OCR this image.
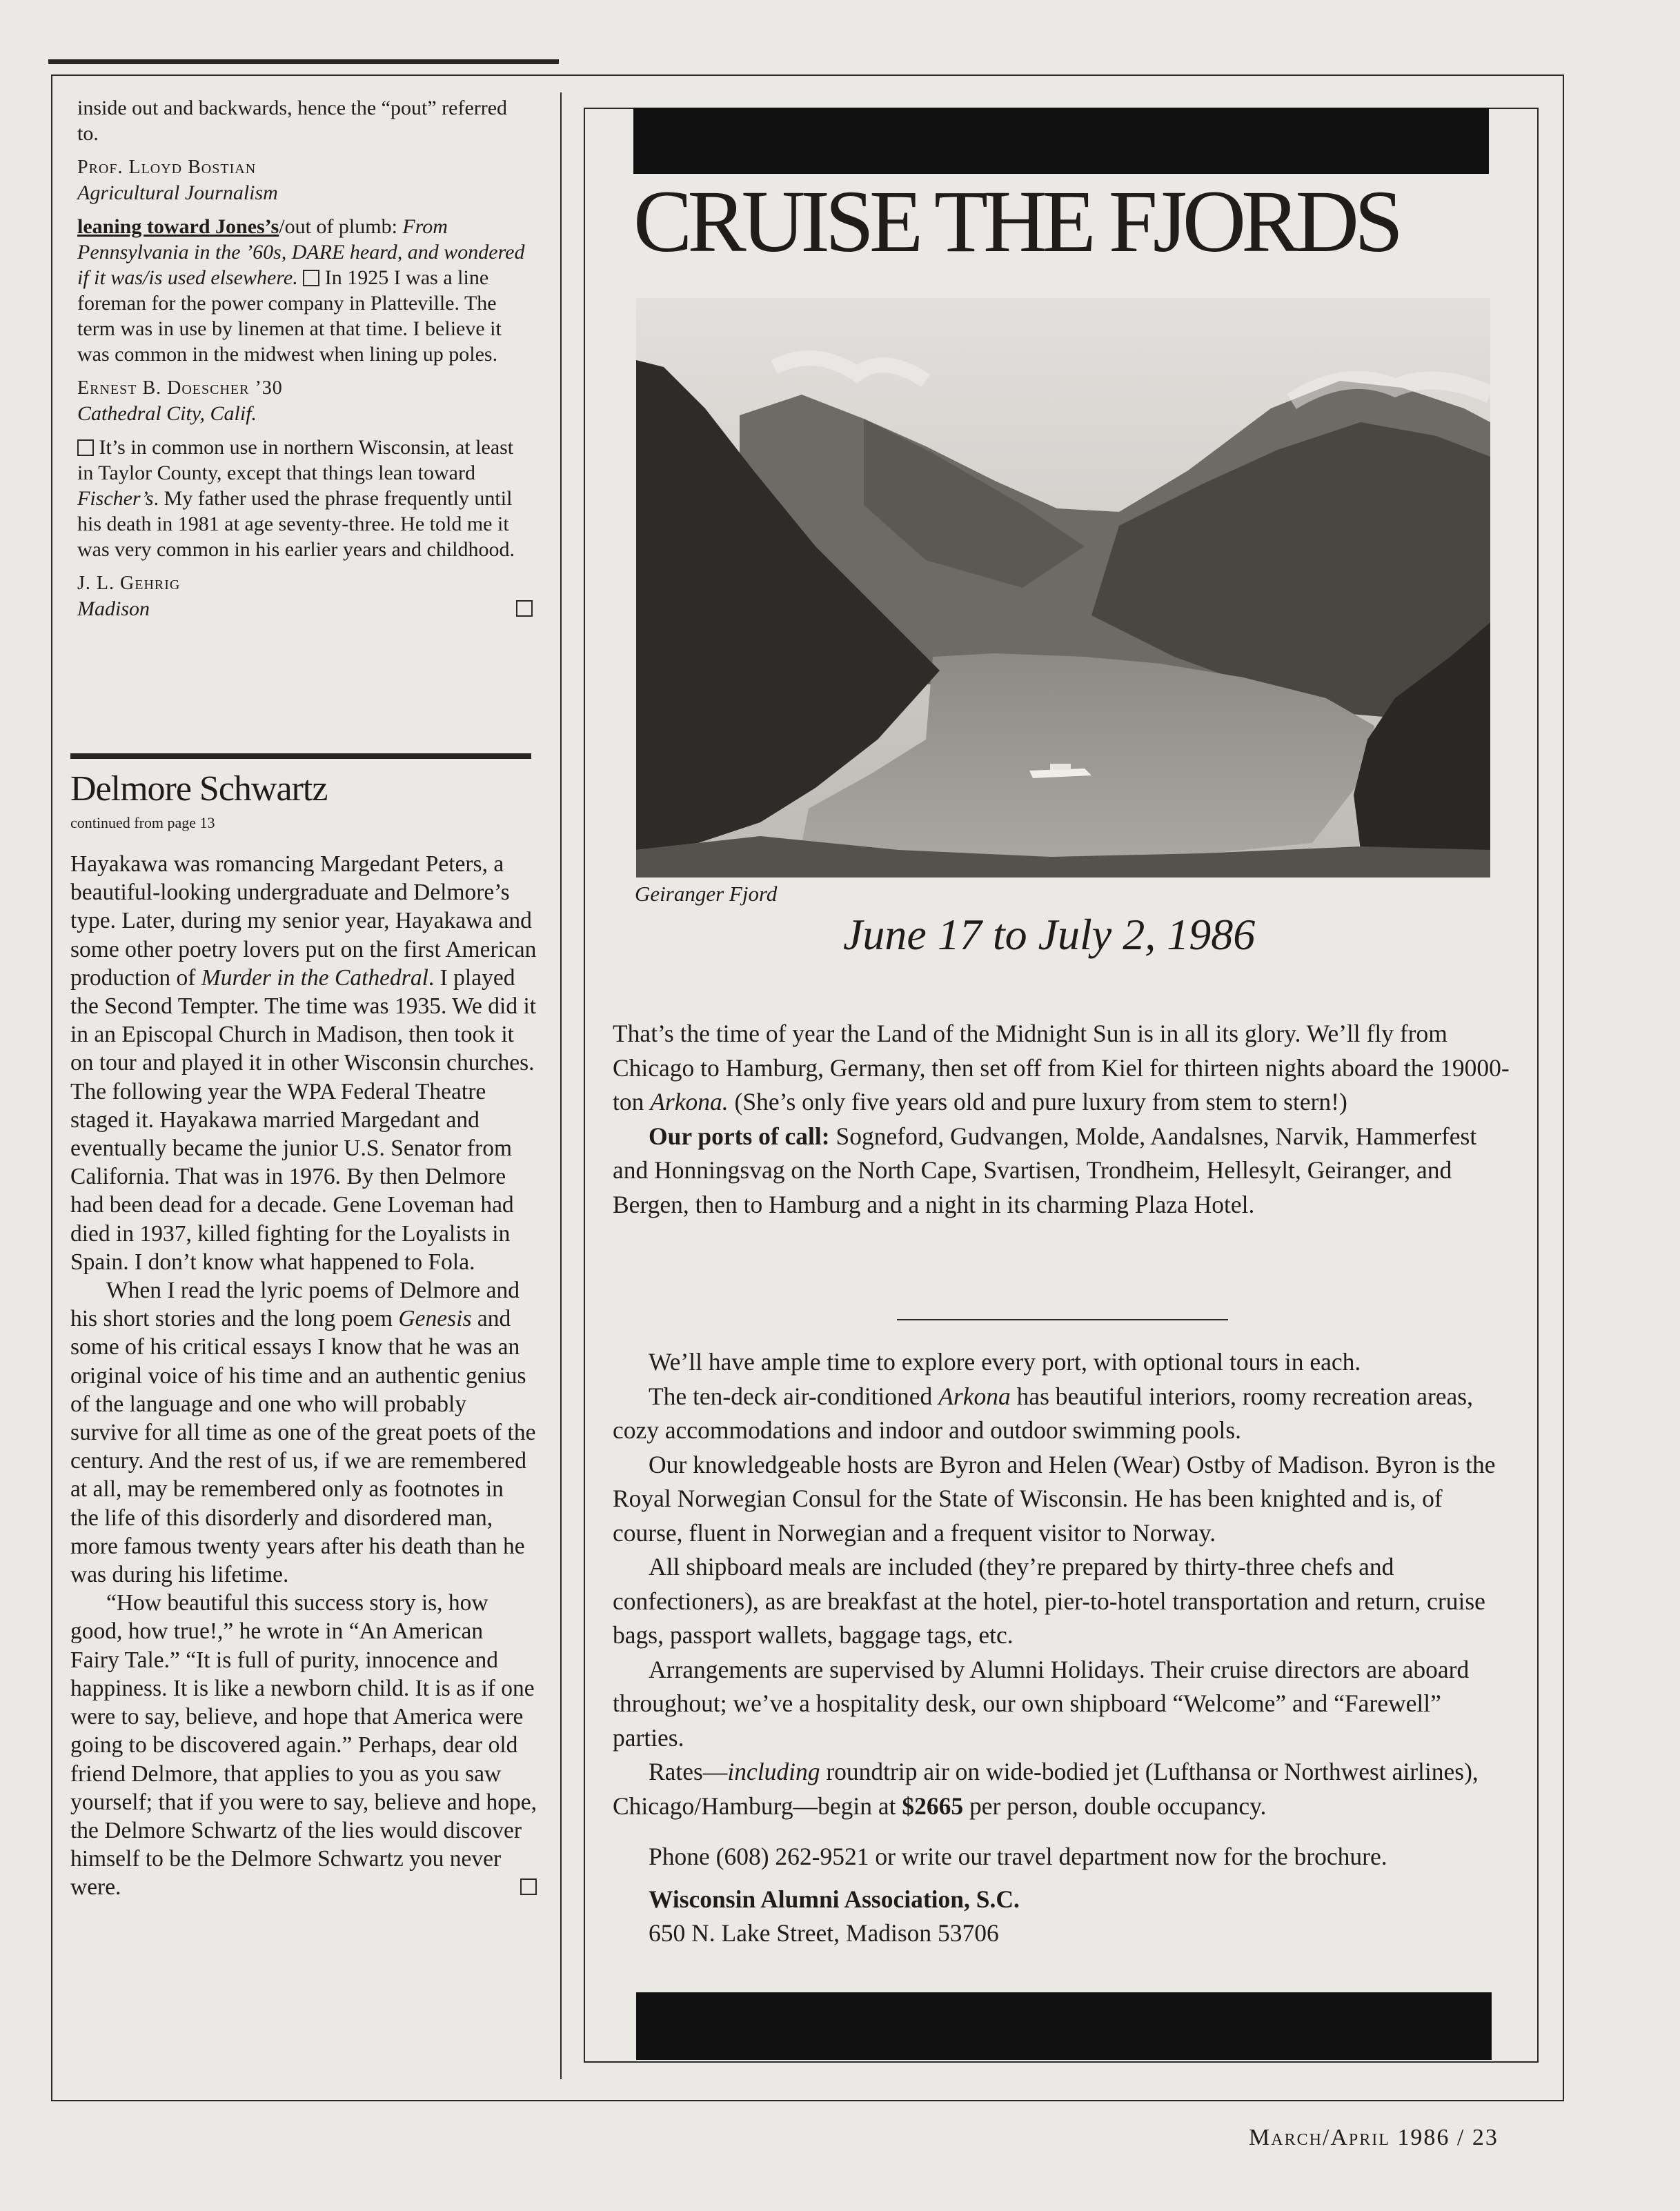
inside out and backwards, hence the “pout” referred to.

Prof. Lloyd Bostian

Agricultural Journalism

leaning toward Jones’s/out of plumb: From Pennsylvania in the ’60s, DARE heard, and wondered if it was/is used elsewhere. In 1925 I was a line foreman for the power company in Platteville. The term was in use by linemen at that time. I believe it was common in the midwest when lining up poles.

Ernest B. Doescher ’30

Cathedral City, Calif.

It’s in common use in northern Wisconsin, at least in Taylor County, except that things lean toward Fischer’s. My father used the phrase frequently until his death in 1981 at age seventy-three. He told me it was very common in his earlier years and childhood.

J. L. Gehrig

Madison

Delmore Schwartz
continued from page 13

Hayakawa was romancing Margedant Peters, a beautiful-looking undergraduate and Delmore’s type. Later, during my senior year, Hayakawa and some other poetry lovers put on the first American production of Murder in the Cathedral. I played the Second Tempter. The time was 1935. We did it in an Episcopal Church in Madison, then took it on tour and played it in other Wisconsin churches. The following year the WPA Federal Theatre staged it. Hayakawa married Margedant and eventually became the junior U.S. Senator from California. That was in 1976. By then Delmore had been dead for a decade. Gene Loveman had died in 1937, killed fighting for the Loyalists in Spain. I don’t know what happened to Fola.

When I read the lyric poems of Delmore and his short stories and the long poem Genesis and some of his critical essays I know that he was an original voice of his time and an authentic genius of the language and one who will probably survive for all time as one of the great poets of the century. And the rest of us, if we are remembered at all, may be remembered only as footnotes in the life of this disorderly and disordered man, more famous twenty years after his death than he was during his lifetime.

“How beautiful this success story is, how good, how true!,” he wrote in “An American Fairy Tale.” “It is full of purity, innocence and happiness. It is like a newborn child. It is as if one were to say, believe, and hope that America were going to be discovered again.” Perhaps, dear old friend Delmore, that applies to you as you saw yourself; that if you were to say, believe and hope, the Delmore Schwartz of the lies would discover himself to be the Delmore Schwartz you never were.

CRUISE THE FJORDS
Geiranger Fjord
June 17 to July 2, 1986

That’s the time of year the Land of the Midnight Sun is in all its glory. We’ll fly from Chicago to Hamburg, Germany, then set off from Kiel for thirteen nights aboard the 19000-ton Arkona. (She’s only five years old and pure luxury from stem to stern!)

Our ports of call: Sogneford, Gudvangen, Molde, Aandalsnes, Narvik, Hammerfest and Honningsvag on the North Cape, Svartisen, Trondheim, Hellesylt, Geiranger, and Bergen, then to Hamburg and a night in its charming Plaza Hotel.

We’ll have ample time to explore every port, with optional tours in each.

The ten-deck air-conditioned Arkona has beautiful interiors, roomy recreation areas, cozy accommodations and indoor and outdoor swimming pools.

Our knowledgeable hosts are Byron and Helen (Wear) Ostby of Madison. Byron is the Royal Norwegian Consul for the State of Wisconsin. He has been knighted and is, of course, fluent in Norwegian and a frequent visitor to Norway.

All shipboard meals are included (they’re prepared by thirty-three chefs and confectioners), as are breakfast at the hotel, pier-to-hotel transportation and return, cruise bags, passport wallets, baggage tags, etc.

Arrangements are supervised by Alumni Holidays. Their cruise directors are aboard throughout; we’ve a hospitality desk, our own shipboard “Welcome” and “Farewell” parties.

Rates—including roundtrip air on wide-bodied jet (Lufthansa or Northwest airlines), Chicago/Hamburg—begin at $2665 per person, double occupancy.

Phone (608) 262-9521 or write our travel department now for the brochure.

Wisconsin Alumni Association, S.C.

650 N. Lake Street, Madison 53706

March/April 1986 / 23
